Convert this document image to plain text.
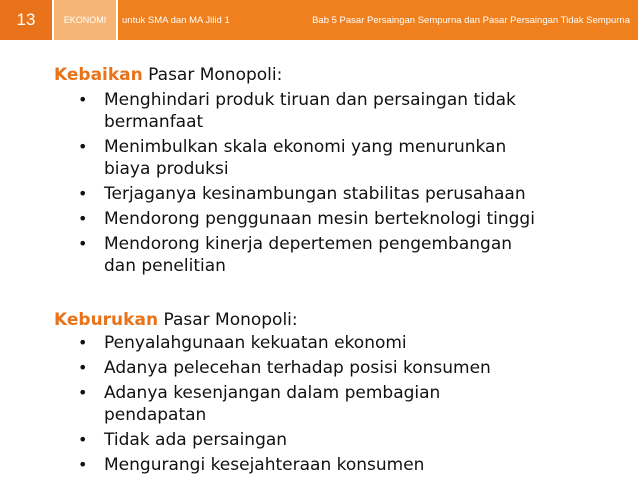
13	EKONOMI	untuk SMA dan MA Jilid 1	Bab 5 Pasar Persaingan Sempurna dan Pasar Persaingan Tidak Sempurna
Kebaikan Pasar Monopoli:
• Menghindari produk tiruan dan persaingan tidak
bermanfaat
• Menimbulkan skala ekonomi yang menurunkan
biaya produksi
• Terjaganya kesinambungan stabilitas perusahaan
• Mendorong penggunaan mesin berteknologi tinggi
• Mendorong kinerja depertemen pengembangan
dan penelitian
Keburukan Pasar Monopoli:
• Penyalahgunaan kekuatan ekonomi
• Adanya pelecehan terhadap posisi konsumen
• Adanya kesenjangan dalam pembagian
pendapatan
• Tidak ada persaingan
• Mengurangi kesejahteraan konsumen
